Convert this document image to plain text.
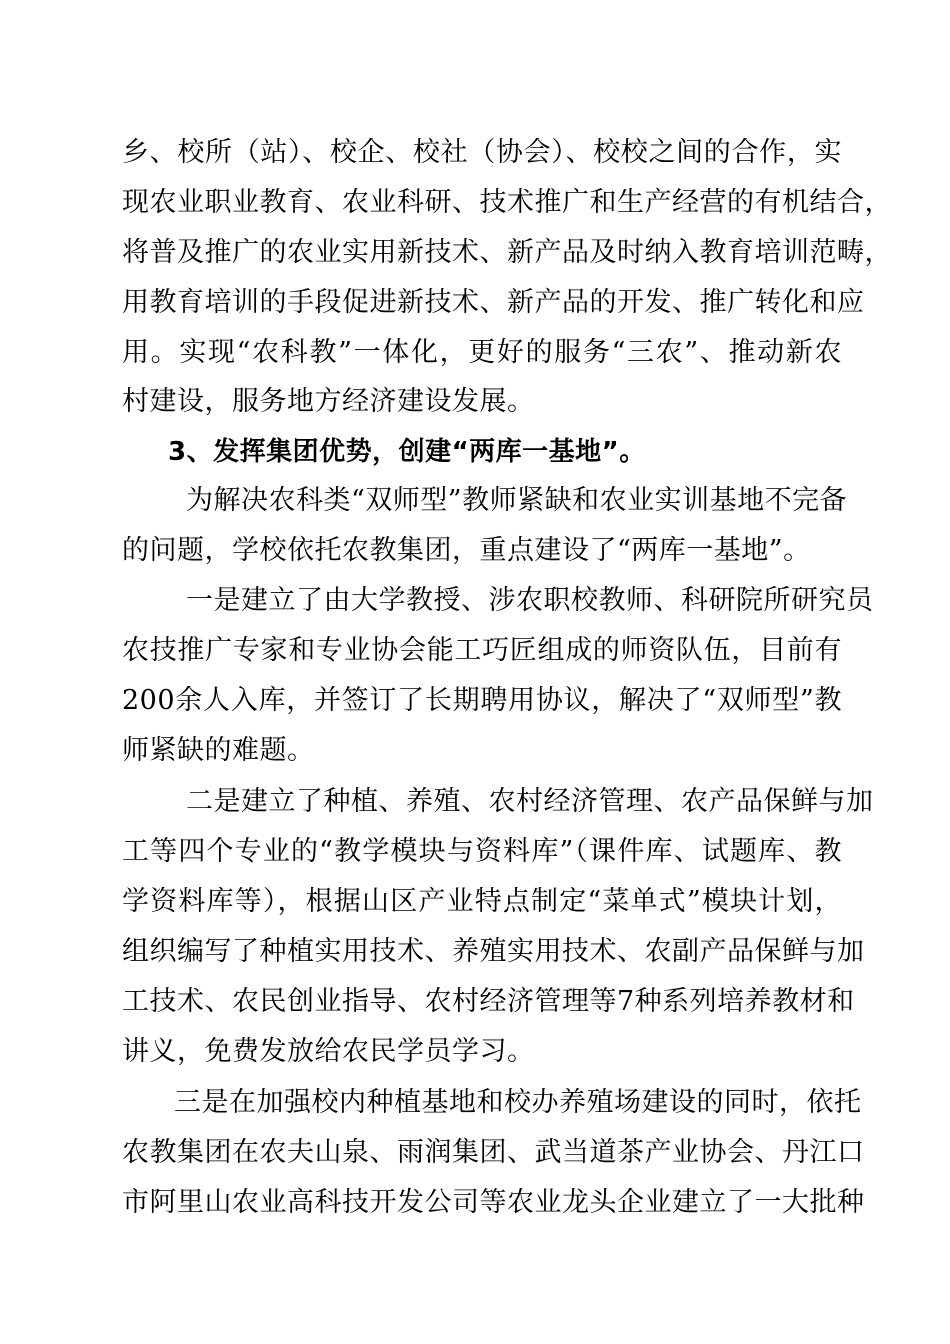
乡、校所（站）、校企、校社（协会）、校校之间的合作，实
现农业职业教育、农业科研、技术推广和生产经营的有机结合，
将普及推广的农业实用新技术、新产品及时纳入教育培训范畴，
用教育培训的手段促进新技术、新产品的开发、推广转化和应
用。实现“农科教”一体化，更好的服务“三农”、推动新农
村建设，服务地方经济建设发展。
3、发挥集团优势，创建“两库一基地”。
为解决农科类“双师型”教师紧缺和农业实训基地不完备
的问题，学校依托农教集团，重点建设了“两库一基地”。
一是建立了由大学教授、涉农职校教师、科研院所研究员
农技推广专家和专业协会能工巧匠组成的师资队伍，目前有
200余人入库，并签订了长期聘用协议，解决了“双师型”教
师紧缺的难题。
二是建立了种植、养殖、农村经济管理、农产品保鲜与加
工等四个专业的“教学模块与资料库”（课件库、试题库、教
学资料库等），根据山区产业特点制定“菜单式”模块计划，
组织编写了种植实用技术、养殖实用技术、农副产品保鲜与加
工技术、农民创业指导、农村经济管理等7种系列培养教材和
讲义，免费发放给农民学员学习。
三是在加强校内种植基地和校办养殖场建设的同时，依托
农教集团在农夫山泉、雨润集团、武当道茶产业协会、丹江口
市阿里山农业高科技开发公司等农业龙头企业建立了一大批种
